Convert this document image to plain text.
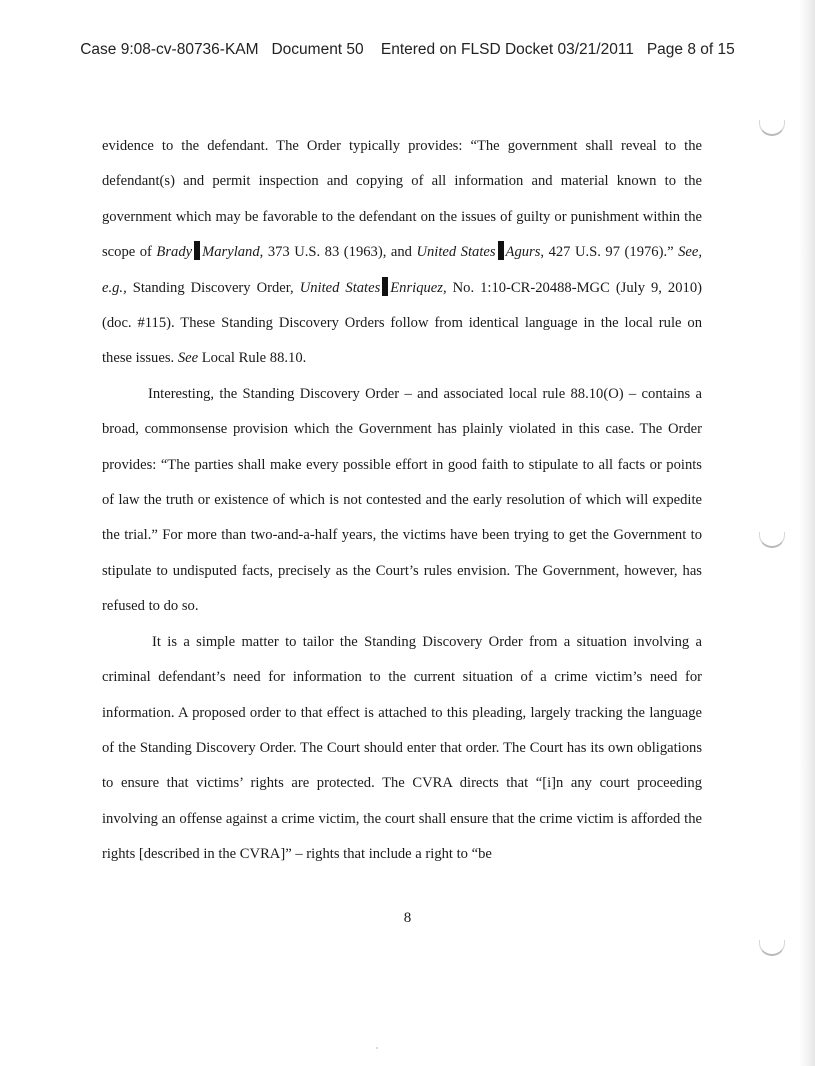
Case 9:08-cv-80736-KAM   Document 50    Entered on FLSD Docket 03/21/2011   Page 8 of 15

evidence to the defendant. The Order typically provides: “The government shall reveal to the defendant(s) and permit inspection and copying of all information and material known to the government which may be favorable to the defendant on the issues of guilty or punishment within the scope of Brady Maryland, 373 U.S. 83 (1963), and United States Agurs, 427 U.S. 97 (1976).” See, e.g., Standing Discovery Order, United States Enriquez, No. 1:10-CR-20488-MGC (July 9, 2010) (doc. #115). These Standing Discovery Orders follow from identical language in the local rule on these issues. See Local Rule 88.10.

Interesting, the Standing Discovery Order – and associated local rule 88.10(O) – contains a broad, commonsense provision which the Government has plainly violated in this case. The Order provides: “The parties shall make every possible effort in good faith to stipulate to all facts or points of law the truth or existence of which is not contested and the early resolution of which will expedite the trial.” For more than two-and-a-half years, the victims have been trying to get the Government to stipulate to undisputed facts, precisely as the Court’s rules envision. The Government, however, has refused to do so.

It is a simple matter to tailor the Standing Discovery Order from a situation involving a criminal defendant’s need for information to the current situation of a crime victim’s need for information. A proposed order to that effect is attached to this pleading, largely tracking the language of the Standing Discovery Order. The Court should enter that order. The Court has its own obligations to ensure that victims’ rights are protected. The CVRA directs that “[i]n any court proceeding involving an offense against a crime victim, the court shall ensure that the crime victim is afforded the rights [described in the CVRA]” – rights that include a right to “be

8
